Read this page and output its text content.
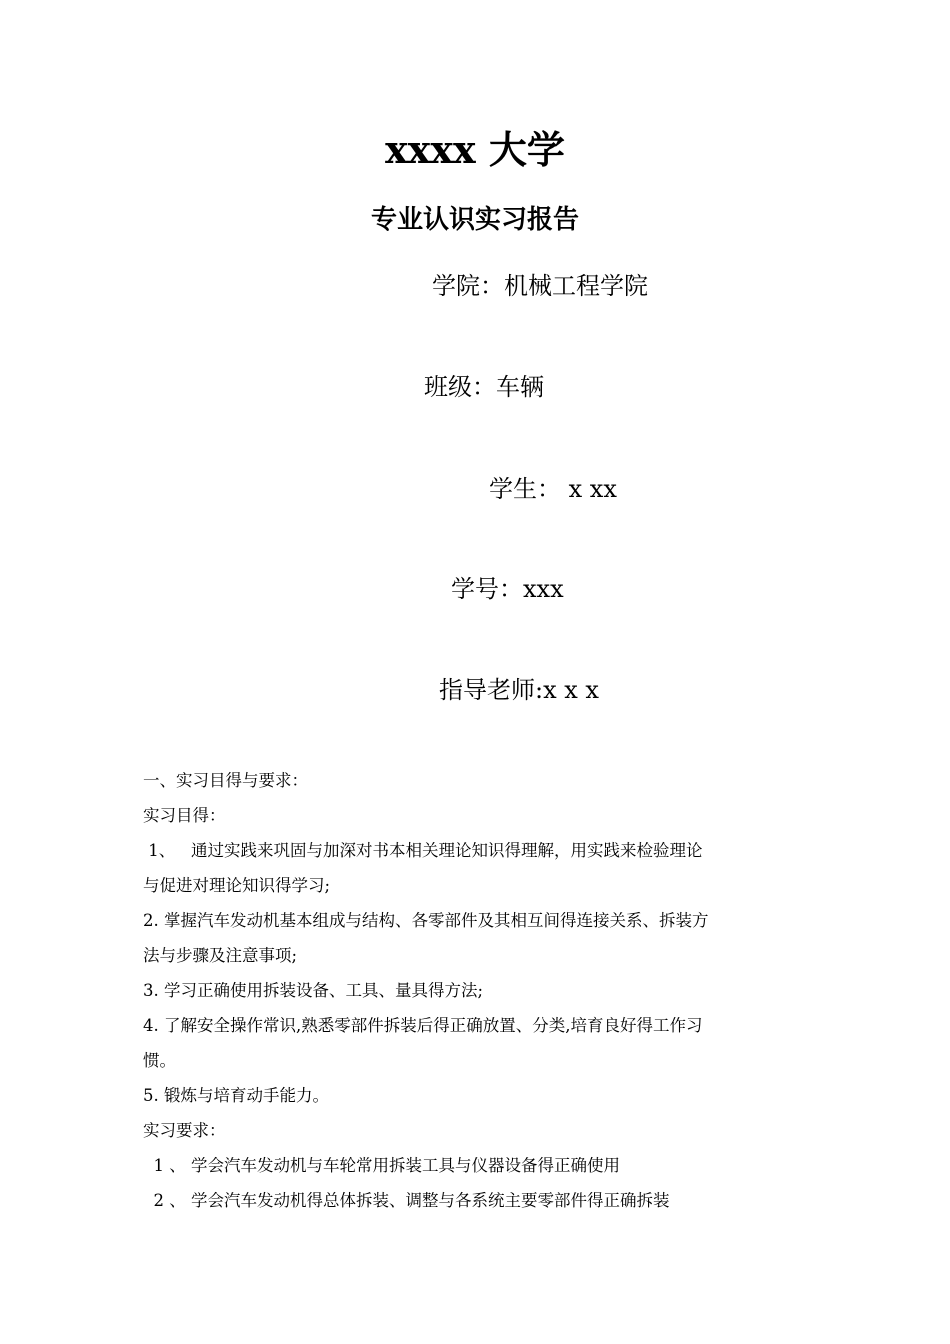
xxxx 大学
专业认识实习报告
学院：机械工程学院
班级：车辆
学生： x xx
学号：xxx
指导老师:x x x
一、实习目得与要求：
实习目得：
1、   通过实践来巩固与加深对书本相关理论知识得理解，用实践来检验理论
与促进对理论知识得学习;
2. 掌握汽车发动机基本组成与结构、各零部件及其相互间得连接关系、拆装方
法与步骤及注意事项;
3. 学习正确使用拆装设备、工具、量具得方法;
4. 了解安全操作常识,熟悉零部件拆装后得正确放置、分类,培育良好得工作习
惯。
5. 锻炼与培育动手能力。
实习要求：
1 、 学会汽车发动机与车轮常用拆装工具与仪器设备得正确使用
2 、 学会汽车发动机得总体拆装、调整与各系统主要零部件得正确拆装
